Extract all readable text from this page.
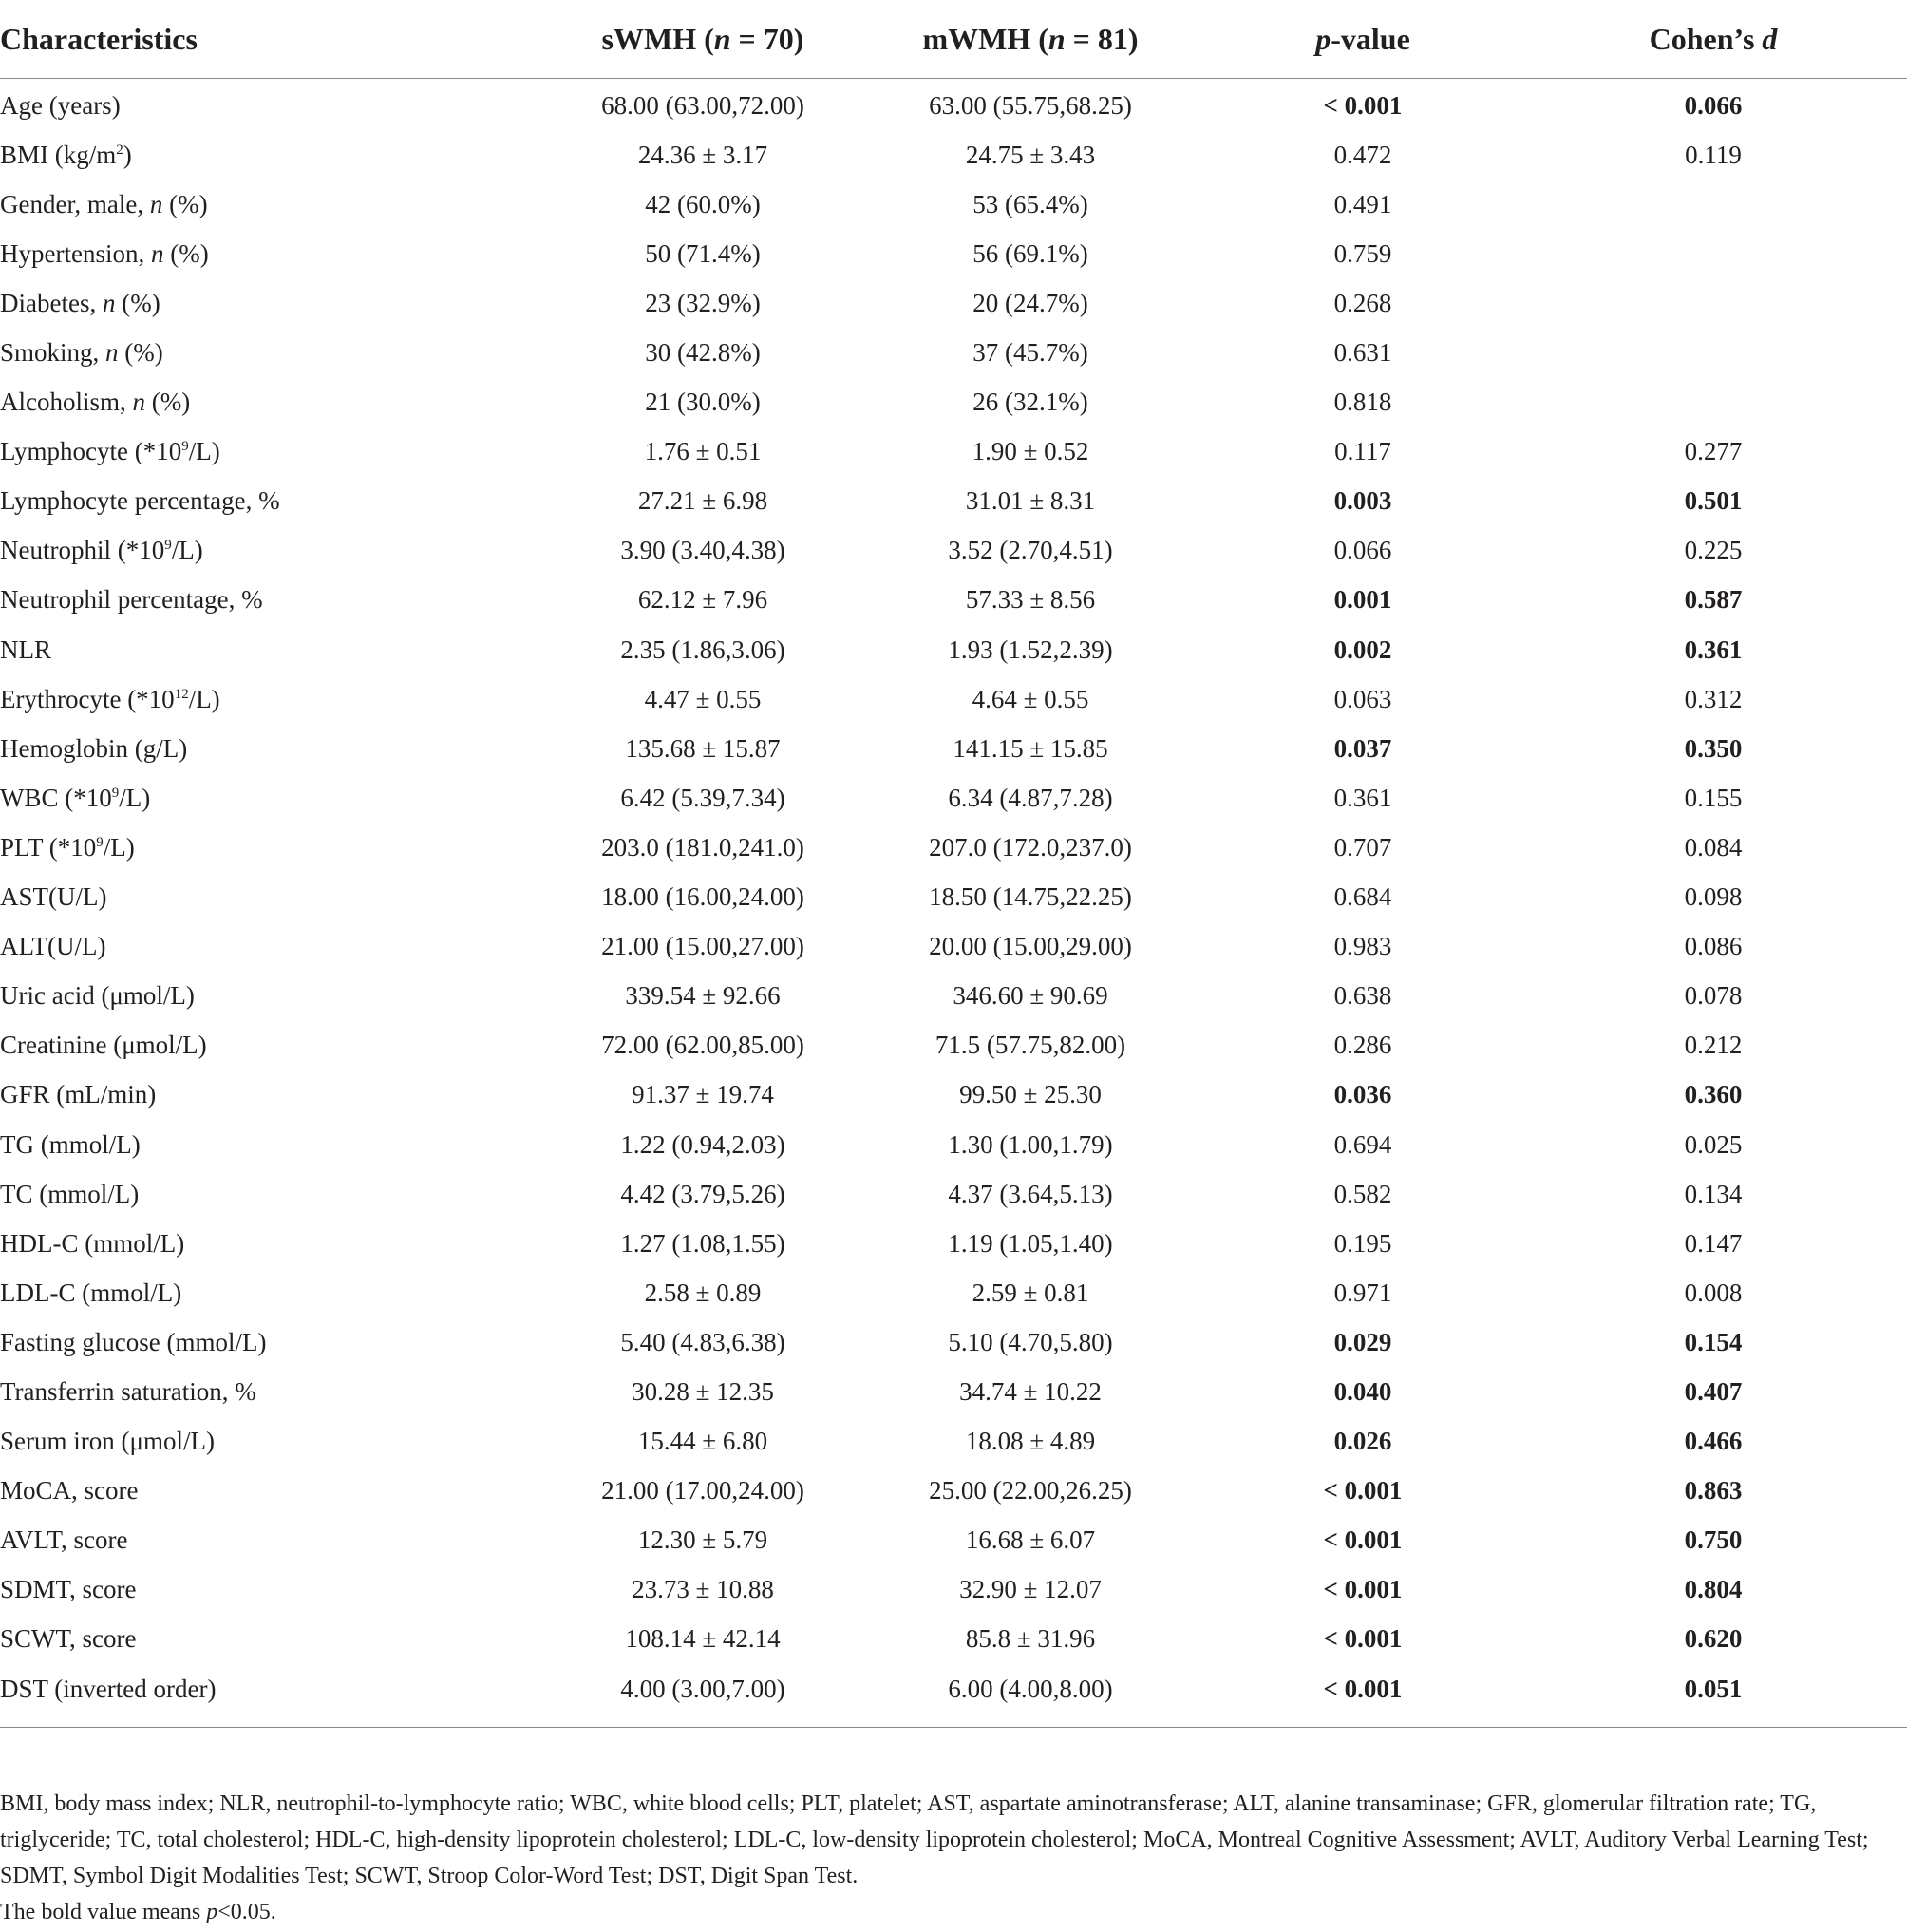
Characteristics	sWMH (n = 70)	mWMH (n = 81)	p-value	Cohen’s d
Age (years)	68.00 (63.00,72.00)	63.00 (55.75,68.25)	< 0.001	0.066
BMI $(kg/m^2)$	24.36 ± 3.17	24.75 ± 3.43	0.472	0.119
Gender, male, n (%)	42 (60.0%)	53 (65.4%)	0.491	
Hypertension, n (%)	50 (71.4%)	56 (69.1%)	0.759	
Diabetes, n (%)	23 (32.9%)	20 (24.7%)	0.268	
Smoking, n (%)	30 (42.8%)	37 (45.7%)	0.631	
Alcoholism, n (%)	21 (30.0%)	26 (32.1%)	0.818	
Lymphocyte $(*10^9/L)$	1.76 ± 0.51	1.90 ± 0.52	0.117	0.277
Lymphocyte percentage, %	27.21 ± 6.98	31.01 ± 8.31	0.003	0.501
Neutrophil $(*10^9/L)$	3.90 (3.40,4.38)	3.52 (2.70,4.51)	0.066	0.225
Neutrophil percentage, %	62.12 ± 7.96	57.33 ± 8.56	0.001	0.587
NLR	2.35 (1.86,3.06)	1.93 (1.52,2.39)	0.002	0.361
Erythrocyte $(*10^{12}/L)$	4.47 ± 0.55	4.64 ± 0.55	0.063	0.312
Hemoglobin (g/L)	135.68 ± 15.87	141.15 ± 15.85	0.037	0.350
WBC $(*10^9/L)$	6.42 (5.39,7.34)	6.34 (4.87,7.28)	0.361	0.155
PLT $(*10^9/L)$	203.0 (181.0,241.0)	207.0 (172.0,237.0)	0.707	0.084
AST(U/L)	18.00 (16.00,24.00)	18.50 (14.75,22.25)	0.684	0.098
ALT(U/L)	21.00 (15.00,27.00)	20.00 (15.00,29.00)	0.983	0.086
Uric acid (μmol/L)	339.54 ± 92.66	346.60 ± 90.69	0.638	0.078
Creatinine (μmol/L)	72.00 (62.00,85.00)	71.5 (57.75,82.00)	0.286	0.212
GFR (mL/min)	91.37 ± 19.74	99.50 ± 25.30	0.036	0.360
TG (mmol/L)	1.22 (0.94,2.03)	1.30 (1.00,1.79)	0.694	0.025
TC (mmol/L)	4.42 (3.79,5.26)	4.37 (3.64,5.13)	0.582	0.134
HDL-C (mmol/L)	1.27 (1.08,1.55)	1.19 (1.05,1.40)	0.195	0.147
LDL-C (mmol/L)	2.58 ± 0.89	2.59 ± 0.81	0.971	0.008
Fasting glucose (mmol/L)	5.40 (4.83,6.38)	5.10 (4.70,5.80)	0.029	0.154
Transferrin saturation, %	30.28 ± 12.35	34.74 ± 10.22	0.040	0.407
Serum iron (μmol/L)	15.44 ± 6.80	18.08 ± 4.89	0.026	0.466
MoCA, score	21.00 (17.00,24.00)	25.00 (22.00,26.25)	< 0.001	0.863
AVLT, score	12.30 ± 5.79	16.68 ± 6.07	< 0.001	0.750
SDMT, score	23.73 ± 10.88	32.90 ± 12.07	< 0.001	0.804
SCWT, score	108.14 ± 42.14	85.8 ± 31.96	< 0.001	0.620
DST (inverted order)	4.00 (3.00,7.00)	6.00 (4.00,8.00)	< 0.001	0.051

BMI, body mass index; NLR, neutrophil-to-lymphocyte ratio; WBC, white blood cells; PLT, platelet; AST, aspartate aminotransferase; ALT, alanine transaminase; GFR, glomerular filtration rate; TG, triglyceride; TC, total cholesterol; HDL-C, high-density lipoprotein cholesterol; LDL-C, low-density lipoprotein cholesterol; MoCA, Montreal Cognitive Assessment; AVLT, Auditory Verbal Learning Test; SDMT, Symbol Digit Modalities Test; SCWT, Stroop Color-Word Test; DST, Digit Span Test.

The bold value means p<0.05.
